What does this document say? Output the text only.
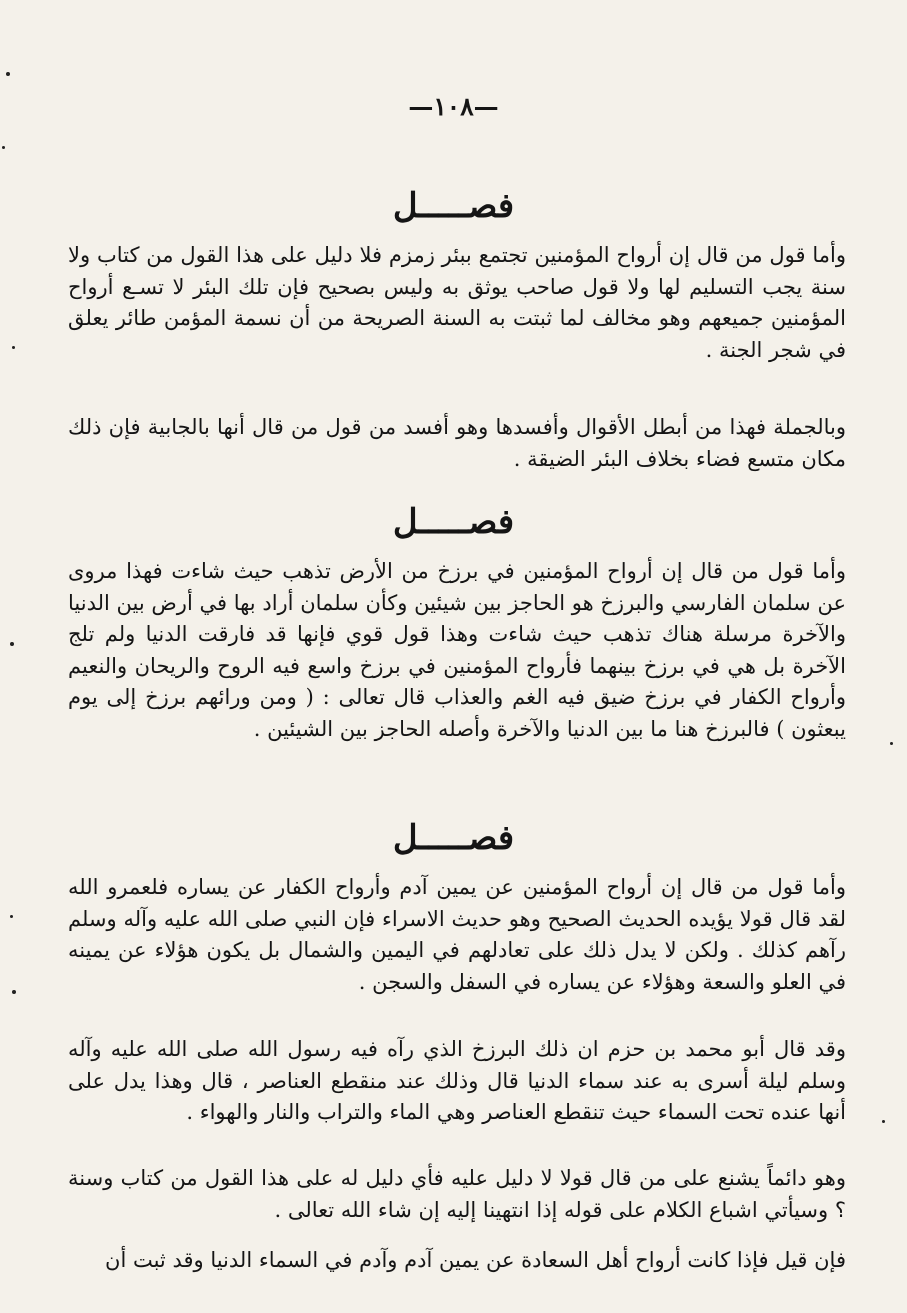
—١٠٨—
فصـــــل
وأما قول من قال إن أرواح المؤمنين تجتمع ببئر زمزم فلا دليل على هذا القول من كتاب ولا سنة يجب التسليم لها ولا قول صاحب يوثق به وليس بصحيح فإن تلك البئر لا تسـع أرواح المؤمنين جميعهم وهو مخالف لما ثبتت به السنة الصريحة من أن نسمة المؤمن طائر يعلق في شجر الجنة .
وبالجملة فهذا من أبطل الأقوال وأفسدها وهو أفسد من قول من قال أنها بالجابية فإن ذلك مكان متسع فضاء بخلاف البئر الضيقة .
فصـــــل
وأما قول من قال إن أرواح المؤمنين في برزخ من الأرض تذهب حيث شاءت فهذا مروى عن سلمان الفارسي والبرزخ هو الحاجز بين شيئين وكأن سلمان أراد بها في أرض بين الدنيا والآخرة مرسلة هناك تذهب حيث شاءت وهذا قول قوي فإنها قد فارقت الدنيا ولم تلج الآخرة بل هي في برزخ بينهما فأرواح المؤمنين في برزخ واسع فيه الروح والريحان والنعيم وأرواح الكفار في برزخ ضيق فيه الغم والعذاب قال تعالى : ( ومن ورائهم برزخ إلى يوم يبعثون ) فالبرزخ هنا ما بين الدنيا والآخرة وأصله الحاجز بين الشيئين .
فصـــــل
وأما قول من قال إن أرواح المؤمنين عن يمين آدم وأرواح الكفار عن يساره فلعمرو الله لقد قال قولا يؤيده الحديث الصحيح وهو حديث الاسراء فإن النبي صلى الله عليه وآله وسلم رآهم كذلك . ولكن لا يدل ذلك على تعادلهم في اليمين والشمال بل يكون هؤلاء عن يمينه في العلو والسعة وهؤلاء عن يساره في السفل والسجن .
وقد قال أبو محمد بن حزم ان ذلك البرزخ الذي رآه فيه رسول الله صلى الله عليه وآله وسلم ليلة أسرى به عند سماء الدنيا قال وذلك عند منقطع العناصر ، قال وهذا يدل على أنها عنده تحت السماء حيث تنقطع العناصر وهي الماء والتراب والنار والهواء .
وهو دائماً يشنع على من قال قولا لا دليل عليه فأي دليل له على هذا القول من كتاب وسنة ؟ وسيأتي اشباع الكلام على قوله إذا انتهينا إليه إن شاء الله تعالى .
فإن قيل فإذا كانت أرواح أهل السعادة عن يمين آدم وآدم في السماء الدنيا وقد ثبت أن
